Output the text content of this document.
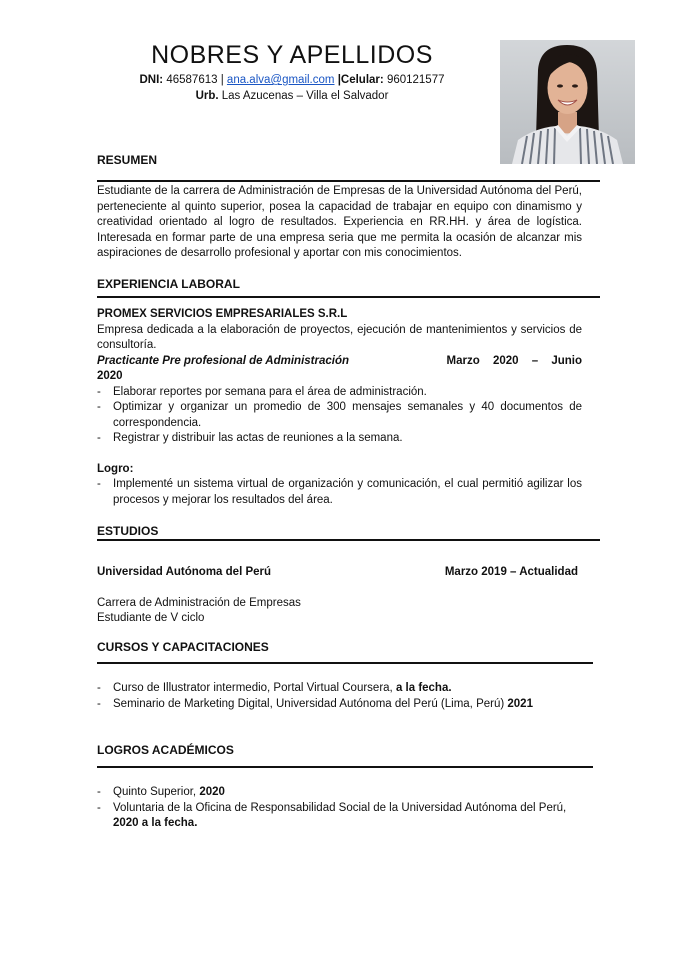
NOBRES Y APELLIDOS
DNI: 46587613 | ana.alva@gmail.com |Celular: 960121577
Urb. Las Azucenas – Villa el Salvador
RESUMEN
Estudiante de la carrera de Administración de Empresas de la Universidad Autónoma del Perú, perteneciente al quinto superior, posea la capacidad de trabajar en equipo con dinamismo y creatividad orientado al logro de resultados. Experiencia en RR.HH. y área de logística. Interesada en formar parte de una empresa seria que me permita la ocasión de alcanzar mis aspiraciones de desarrollo profesional y aportar con mis conocimientos.
EXPERIENCIA LABORAL
PROMEX SERVICIOS EMPRESARIALES S.R.L
Empresa dedicada a la elaboración de proyectos, ejecución de mantenimientos y servicios de consultoría.
Practicante Pre profesional de Administración	Marzo 2020 – Junio
2020
-	Elaborar reportes por semana para el área de administración.
-	Optimizar y organizar un promedio de 300 mensajes semanales y 40 documentos de correspondencia.
-	Registrar y distribuir las actas de reuniones a la semana.
Logro:
-	Implementé un sistema virtual de organización y comunicación, el cual permitió agilizar los procesos y mejorar los resultados del área.
ESTUDIOS
Universidad Autónoma del Perú	Marzo 2019 – Actualidad
Carrera de Administración de Empresas
Estudiante de V ciclo
CURSOS Y CAPACITACIONES
-	Curso de Illustrator intermedio, Portal Virtual Coursera, a la fecha.
-	Seminario de Marketing Digital, Universidad Autónoma del Perú (Lima, Perú) 2021
LOGROS ACADÉMICOS
-	Quinto Superior, 2020
-	Voluntaria de la Oficina de Responsabilidad Social de la Universidad Autónoma del Perú, 2020 a la fecha.
